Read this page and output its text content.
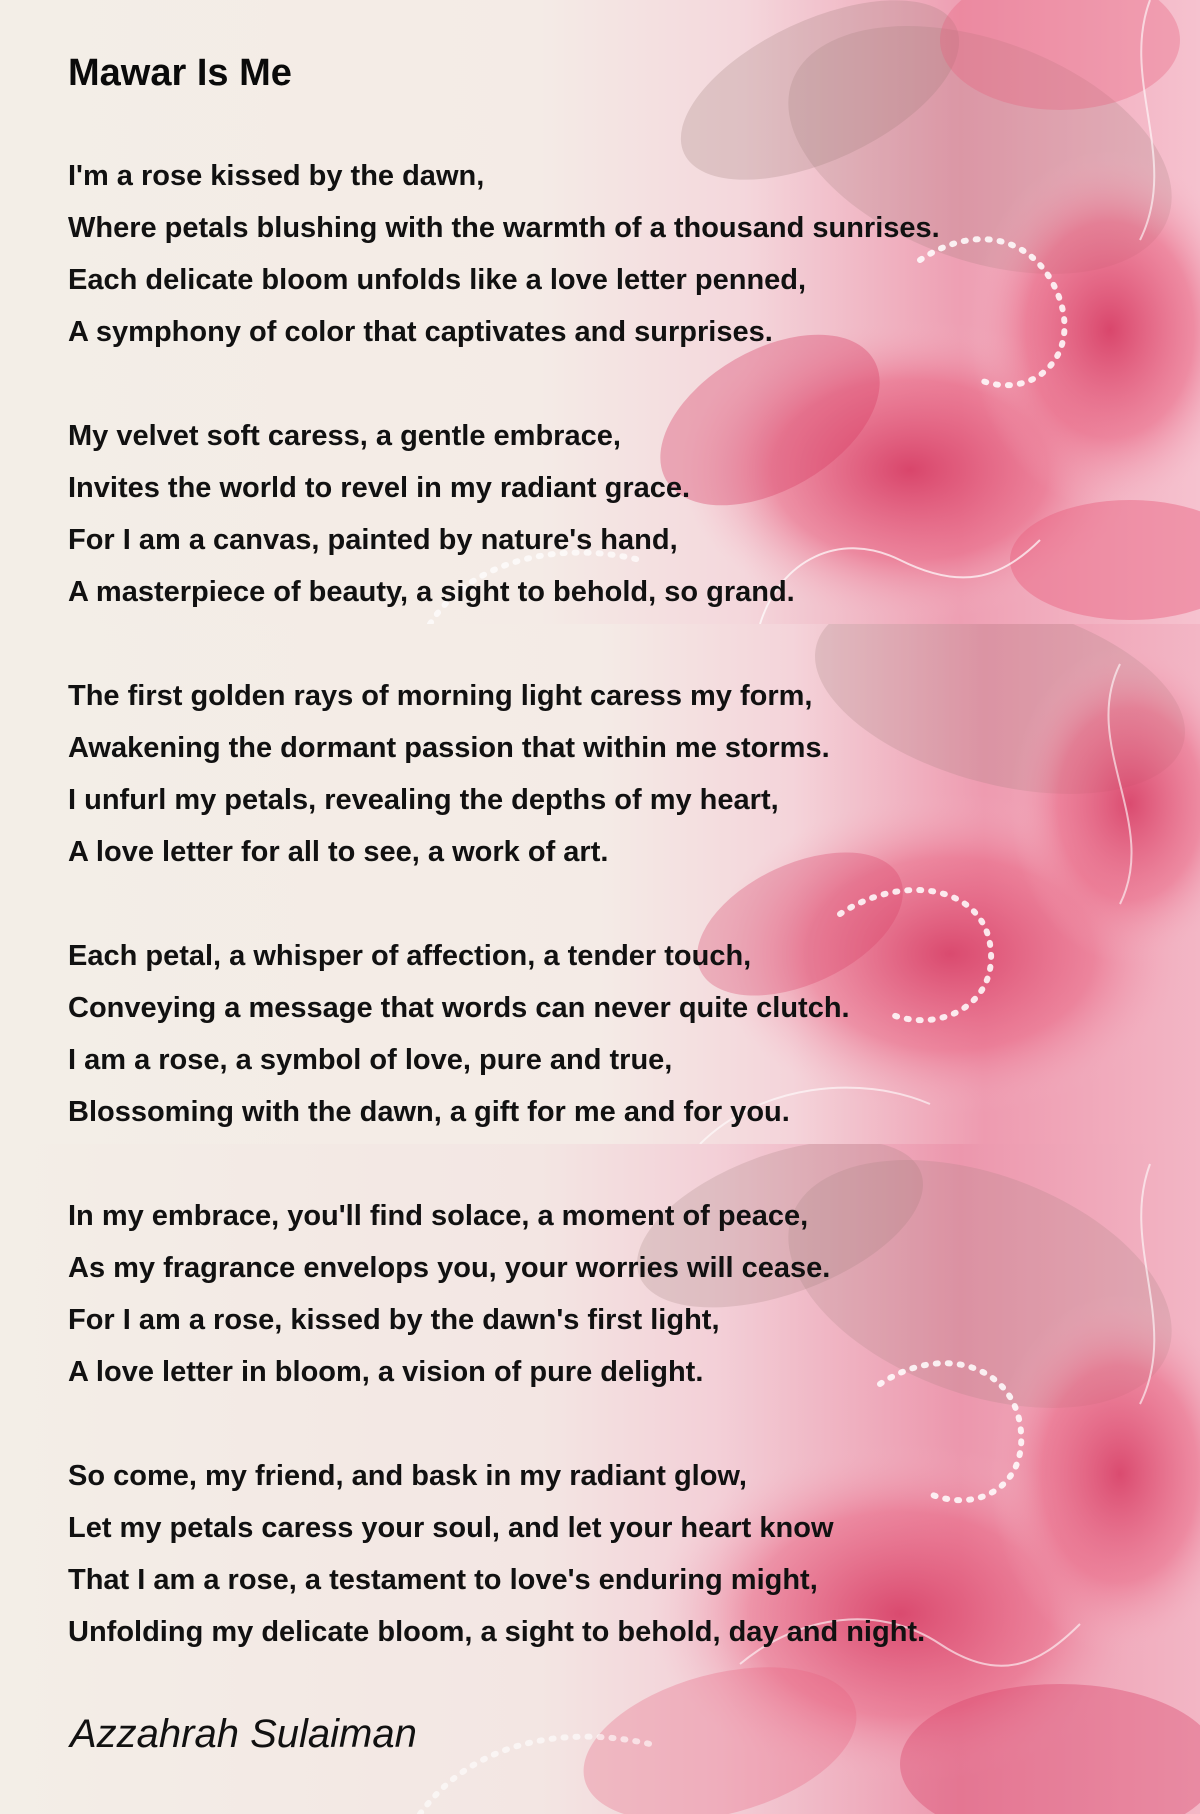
Mawar Is Me
I'm a rose kissed by the dawn,
Where petals blushing with the warmth of a thousand sunrises.
Each delicate bloom unfolds like a love letter penned,
A symphony of color that captivates and surprises.
My velvet soft caress, a gentle embrace,
Invites the world to revel in my radiant grace.
For I am a canvas, painted by nature's hand,
A masterpiece of beauty, a sight to behold, so grand.
The first golden rays of morning light caress my form,
Awakening the dormant passion that within me storms.
I unfurl my petals, revealing the depths of my heart,
A love letter for all to see, a work of art.
Each petal, a whisper of affection, a tender touch,
Conveying a message that words can never quite clutch.
I am a rose, a symbol of love, pure and true,
Blossoming with the dawn, a gift for me and for you.
In my embrace, you'll find solace, a moment of peace,
As my fragrance envelops you, your worries will cease.
For I am a rose, kissed by the dawn's first light,
A love letter in bloom, a vision of pure delight.
So come, my friend, and bask in my radiant glow,
Let my petals caress your soul, and let your heart know
That I am a rose, a testament to love's enduring might,
Unfolding my delicate bloom, a sight to behold, day and night.

Azzahrah Sulaiman
